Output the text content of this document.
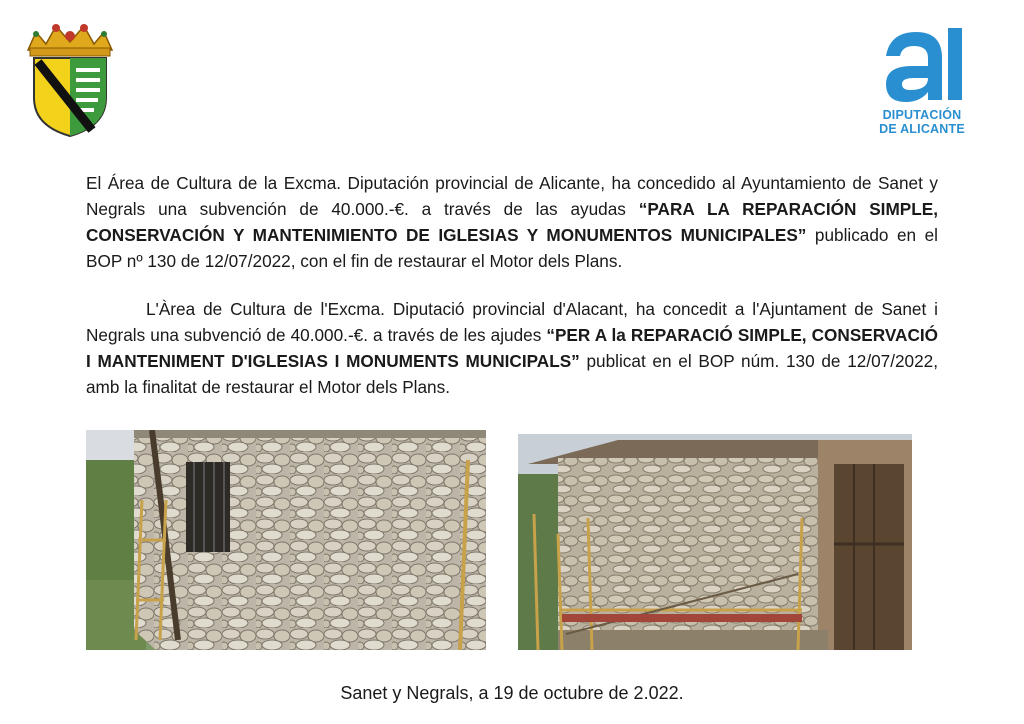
DIPUTACIÓN
DE ALICANTE

El Área de Cultura de la Excma. Diputación provincial de Alicante, ha concedido al Ayuntamiento de Sanet y Negrals una subvención de 40.000.-€. a través de las ayudas “PARA LA REPARACIÓN SIMPLE, CONSERVACIÓN Y MANTENIMIENTO DE IGLESIAS Y MONUMENTOS MUNICIPALES” publicado en el BOP nº 130 de 12/07/2022, con el fin de restaurar el Motor dels Plans.

L'Àrea de Cultura de l'Excma. Diputació provincial d'Alacant, ha concedit a l'Ajuntament de Sanet i Negrals una subvenció de 40.000.-€. a través de les ajudes “PER A la REPARACIÓ SIMPLE, CONSERVACIÓ I MANTENIMENT D'IGLESIAS I MONUMENTS MUNICIPALS” publicat en el BOP núm. 130 de 12/07/2022, amb la finalitat de restaurar el Motor dels Plans.

Sanet y Negrals, a 19 de octubre de 2.022.
